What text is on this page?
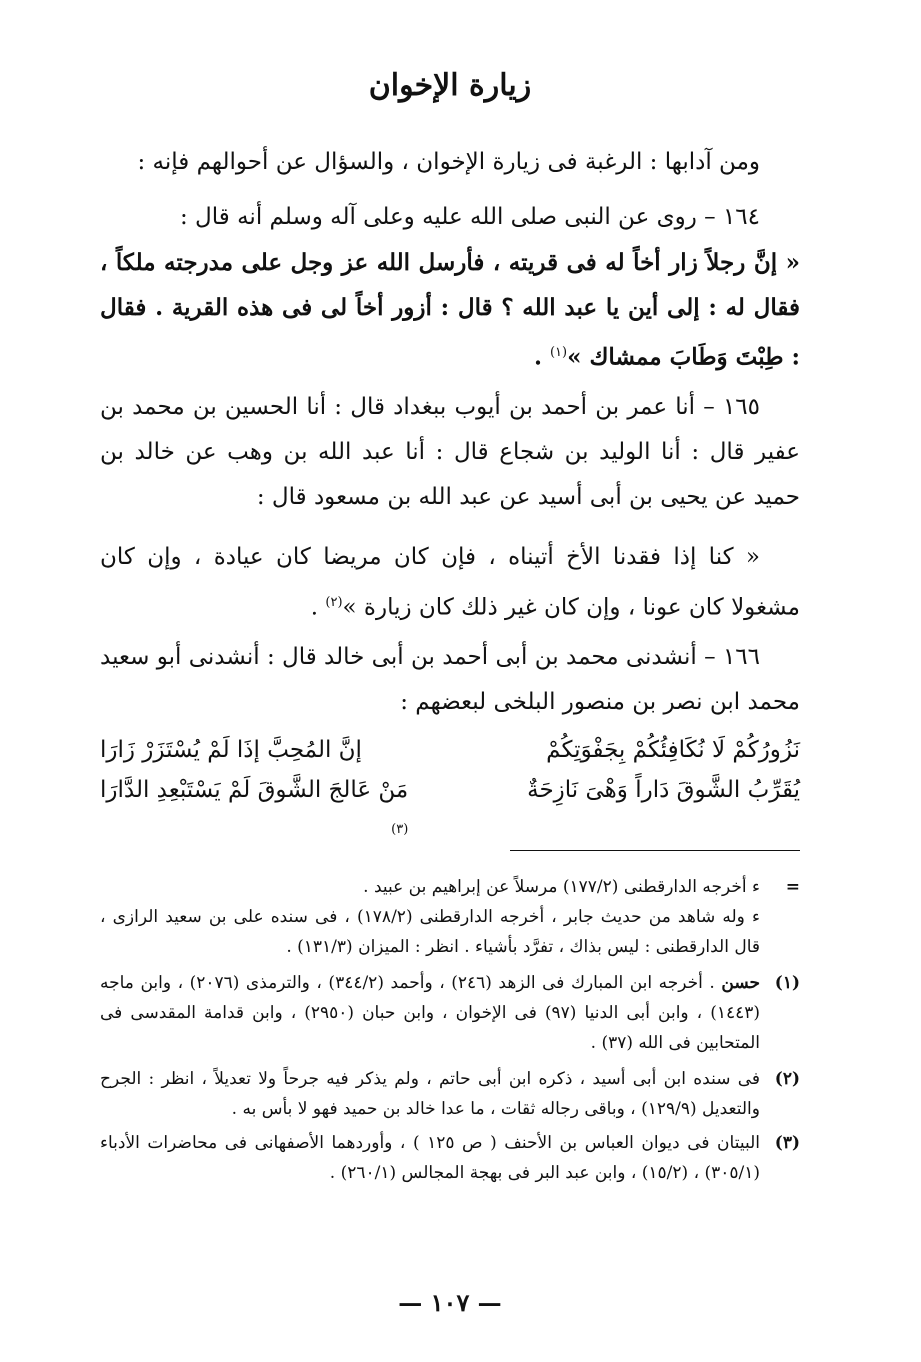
زيارة الإخوان
ومن آدابها : الرغبة فى زيارة الإخوان ، والسؤال عن أحوالهم فإنه :
١٦٤ – روى عن النبى صلى الله عليه وعلى آله وسلم أنه قال :
« إنَّ رجلاً زار أخاً له فى قريته ، فأرسل الله عز وجل على مدرجته ملكاً ، فقال له : إلى أين يا عبد الله ؟ قال : أزور أخاً لى فى هذه القرية . فقال : طِبْتَ وَطَابَ ممشاك »$^{(١)}$ .
١٦٥ – أنا عمر بن أحمد بن أيوب ببغداد قال : أنا الحسين بن محمد بن عفير قال : أنا الوليد بن شجاع قال : أنا عبد الله بن وهب عن خالد بن حميد عن يحيى بن أبى أسيد عن عبد الله بن مسعود قال :
« كنا إذا فقدنا الأخ أتيناه ، فإن كان مريضا كان عيادة ، وإن كان مشغولا كان عونا ، وإن كان غير ذلك كان زيارة »$^{(٢)}$ .
١٦٦ – أنشدنى محمد بن أبى أحمد بن أبى خالد قال : أنشدنى أبو سعيد محمد ابن نصر بن منصور البلخى لبعضهم :
نَزُورُكُمْ لَا نُكَافِئُكُمْ بِجَفْوَتِكُمْ
إنَّ المُحِبَّ إذَا لَمْ يُسْتَزَرْ زَارَا
يُقَرِّبُ الشَّوقَ دَاراً وَهْىَ نَازِحَةٌ
مَنْ عَالجَ الشَّوقَ لَمْ يَسْتَبْعِدِ الدَّارَا
$^{(٣)}$
=
ء أخرجه الدارقطنى (١٧٧/٢) مرسلاً عن إبراهيم بن عبيد .
ء وله شاهد من حديث جابر ، أخرجه الدارقطنى (١٧٨/٢) ، فى سنده على بن سعيد الرازى ، قال الدارقطنى : ليس بذاك ، تفرَّد بأشياء . انظر : الميزان (١٣١/٣) .
(١)
حسن . أخرجه ابن المبارك فى الزهد (٢٤٦) ، وأحمد (٣٤٤/٢) ، والترمذى (٢٠٧٦) ، وابن ماجه (١٤٤٣) ، وابن أبى الدنيا (٩٧) فى الإخوان ، وابن حبان (٢٩٥٠) ، وابن قدامة المقدسى فى المتحابين فى الله (٣٧) .
(٢)
فى سنده ابن أبى أسيد ، ذكره ابن أبى حاتم ، ولم يذكر فيه جرحاً ولا تعديلاً ، انظر : الجرح والتعديل (١٢٩/٩) ، وباقى رجاله ثقات ، ما عدا خالد بن حميد فهو لا بأس به .
(٣)
البيتان فى ديوان العباس بن الأحنف ( ص ١٢٥ ) ، وأوردهما الأصفهانى فى محاضرات الأدباء (٣٠٥/١) ، (١٥/٢) ، وابن عبد البر فى بهجة المجالس (٢٦٠/١) .
— ١٠٧ —
